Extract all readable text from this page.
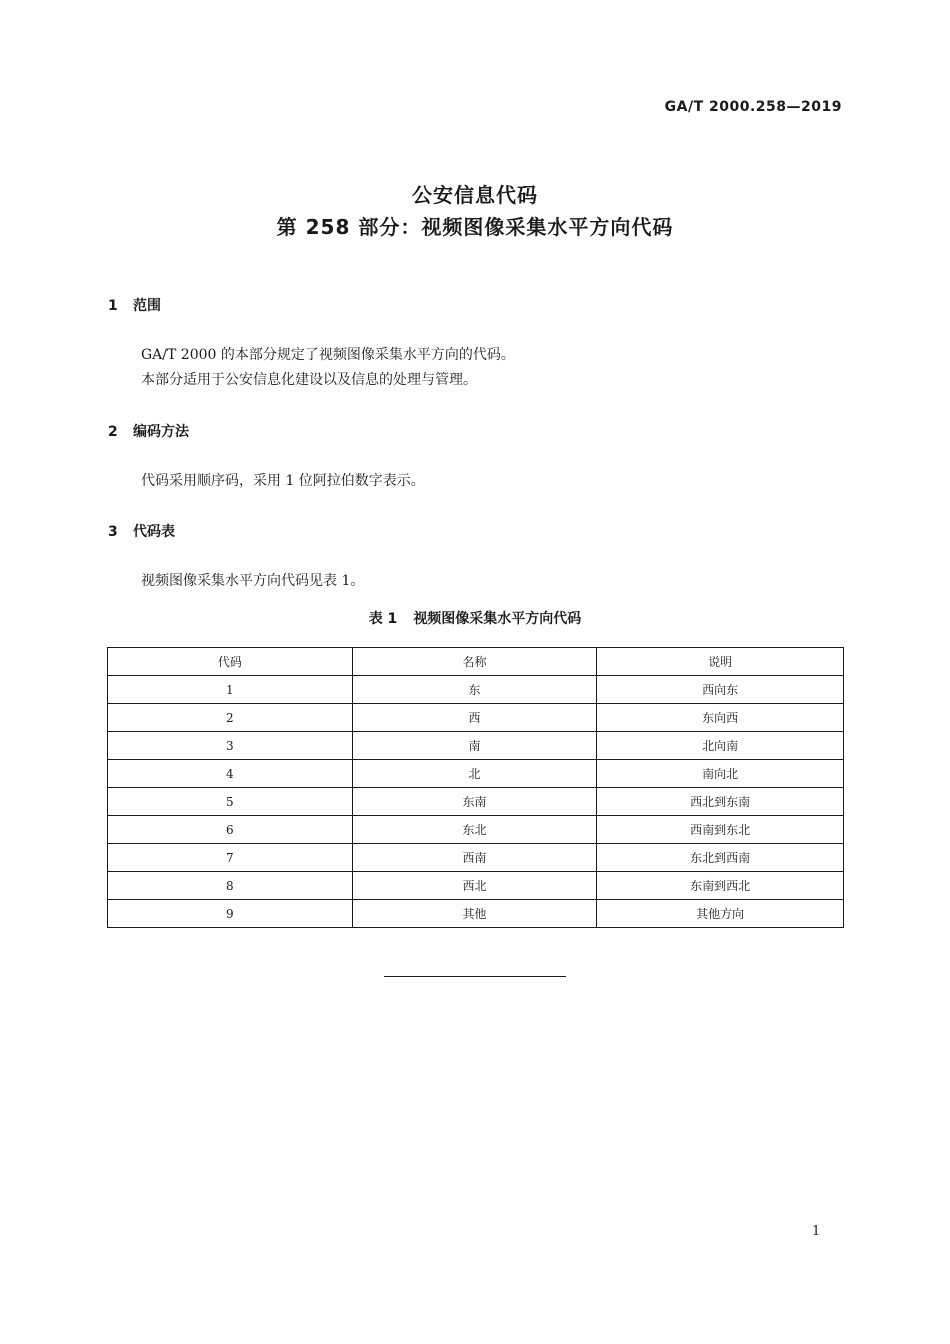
GA/T 2000.258—2019
公安信息代码
第 258 部分：视频图像采集水平方向代码
1 范围
GA/T 2000 的本部分规定了视频图像采集水平方向的代码。
本部分适用于公安信息化建设以及信息的处理与管理。
2 编码方法
代码采用顺序码，采用 1 位阿拉伯数字表示。
3 代码表
视频图像采集水平方向代码见表 1。
表 1 视频图像采集水平方向代码
代码	名称	说明
1	东	西向东
2	西	东向西
3	南	北向南
4	北	南向北
5	东南	西北到东南
6	东北	西南到东北
7	西南	东北到西南
8	西北	东南到西北
9	其他	其他方向
1
